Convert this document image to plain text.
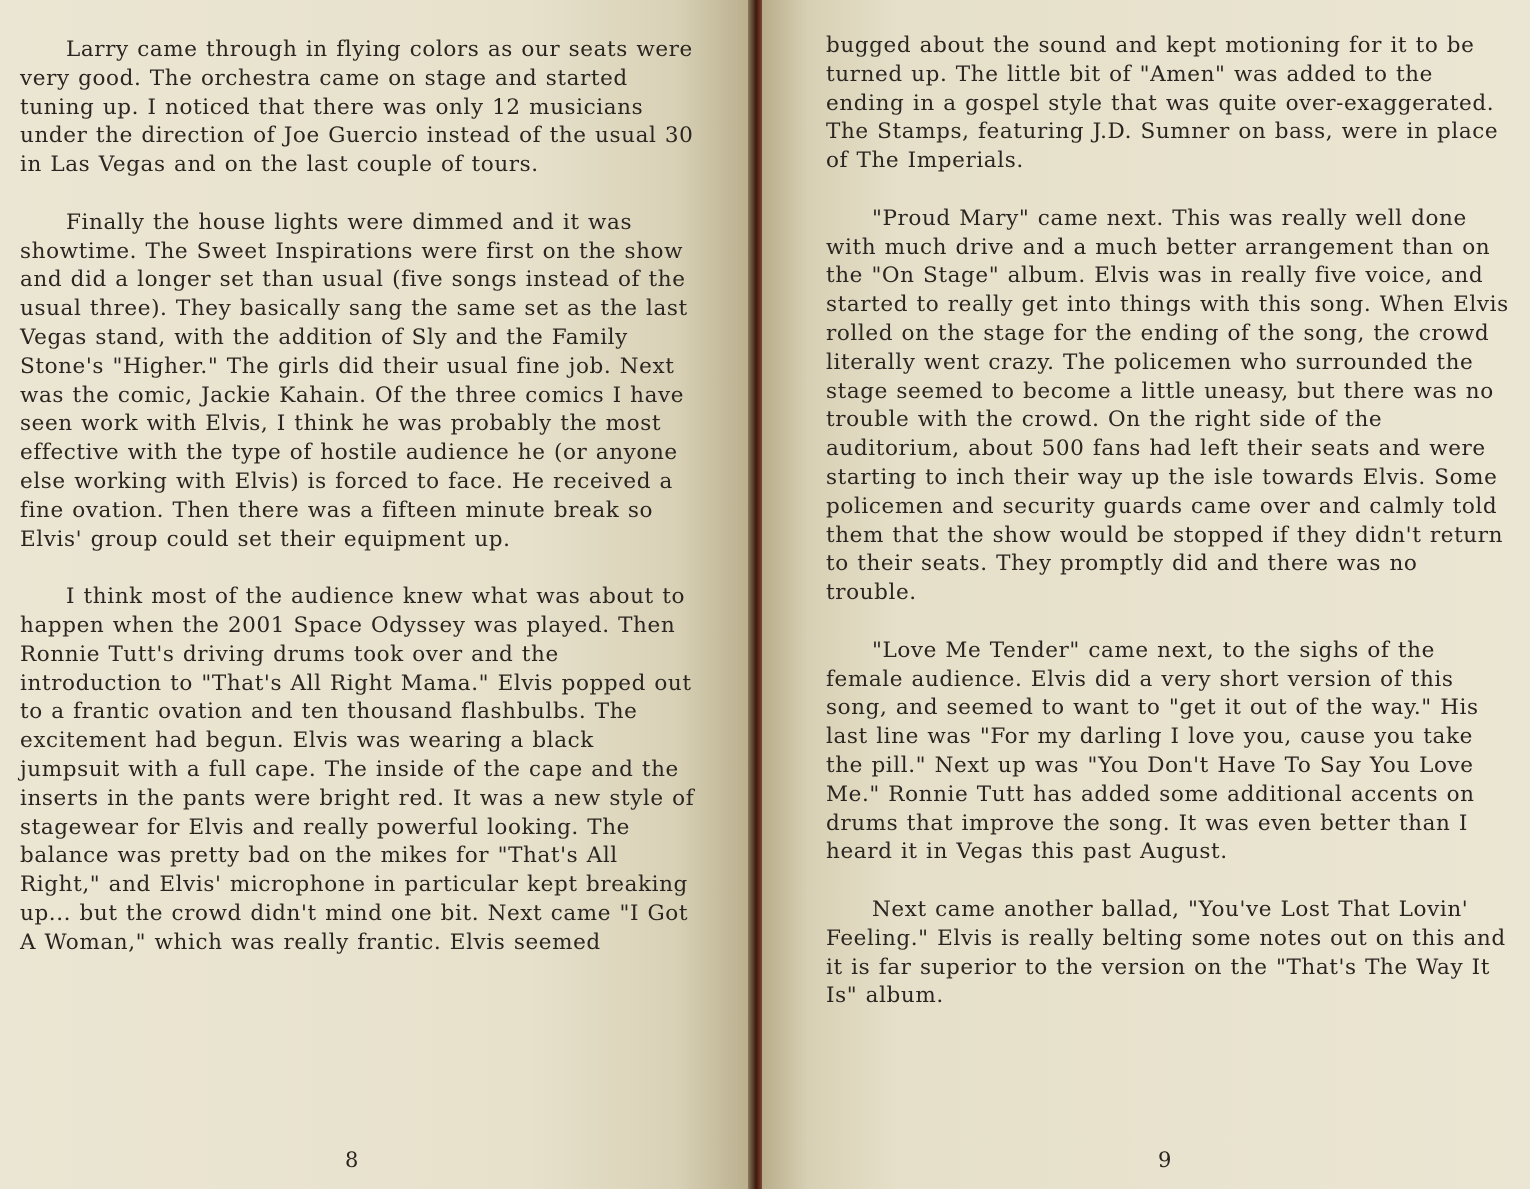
Larry came through in flying colors as our seats were very good. The orchestra came on stage and started tuning up. I noticed that there was only 12 musicians under the direction of Joe Guercio instead of the usual 30 in Las Vegas and on the last couple of tours.

Finally the house lights were dimmed and it was showtime. The Sweet Inspirations were first on the show and did a longer set than usual (five songs instead of the usual three). They basically sang the same set as the last Vegas stand, with the addition of Sly and the Family Stone's "Higher." The girls did their usual fine job. Next was the comic, Jackie Kahain. Of the three comics I have seen work with Elvis, I think he was probably the most effective with the type of hostile audience he (or anyone else working with Elvis) is forced to face. He received a fine ovation. Then there was a fifteen minute break so Elvis' group could set their equipment up.

I think most of the audience knew what was about to happen when the 2001 Space Odyssey was played. Then Ronnie Tutt's driving drums took over and the introduction to "That's All Right Mama." Elvis popped out to a frantic ovation and ten thousand flashbulbs. The excitement had begun. Elvis was wearing a black jumpsuit with a full cape. The inside of the cape and the inserts in the pants were bright red. It was a new style of stagewear for Elvis and really powerful looking. The balance was pretty bad on the mikes for "That's All Right," and Elvis' microphone in particular kept breaking up... but the crowd didn't mind one bit. Next came "I Got A Woman," which was really frantic. Elvis seemed

8

bugged about the sound and kept motioning for it to be turned up. The little bit of "Amen" was added to the ending in a gospel style that was quite over-exaggerated. The Stamps, featuring J.D. Sumner on bass, were in place of The Imperials.

"Proud Mary" came next. This was really well done with much drive and a much better arrangement than on the "On Stage" album. Elvis was in really five voice, and started to really get into things with this song. When Elvis rolled on the stage for the ending of the song, the crowd literally went crazy. The policemen who surrounded the stage seemed to become a little uneasy, but there was no trouble with the crowd. On the right side of the auditorium, about 500 fans had left their seats and were starting to inch their way up the isle towards Elvis. Some policemen and security guards came over and calmly told them that the show would be stopped if they didn't return to their seats. They promptly did and there was no trouble.

"Love Me Tender" came next, to the sighs of the female audience. Elvis did a very short version of this song, and seemed to want to "get it out of the way." His last line was "For my darling I love you, cause you take the pill." Next up was "You Don't Have To Say You Love Me." Ronnie Tutt has added some additional accents on drums that improve the song. It was even better than I heard it in Vegas this past August.

Next came another ballad, "You've Lost That Lovin' Feeling." Elvis is really belting some notes out on this and it is far superior to the version on the "That's The Way It Is" album.

9
